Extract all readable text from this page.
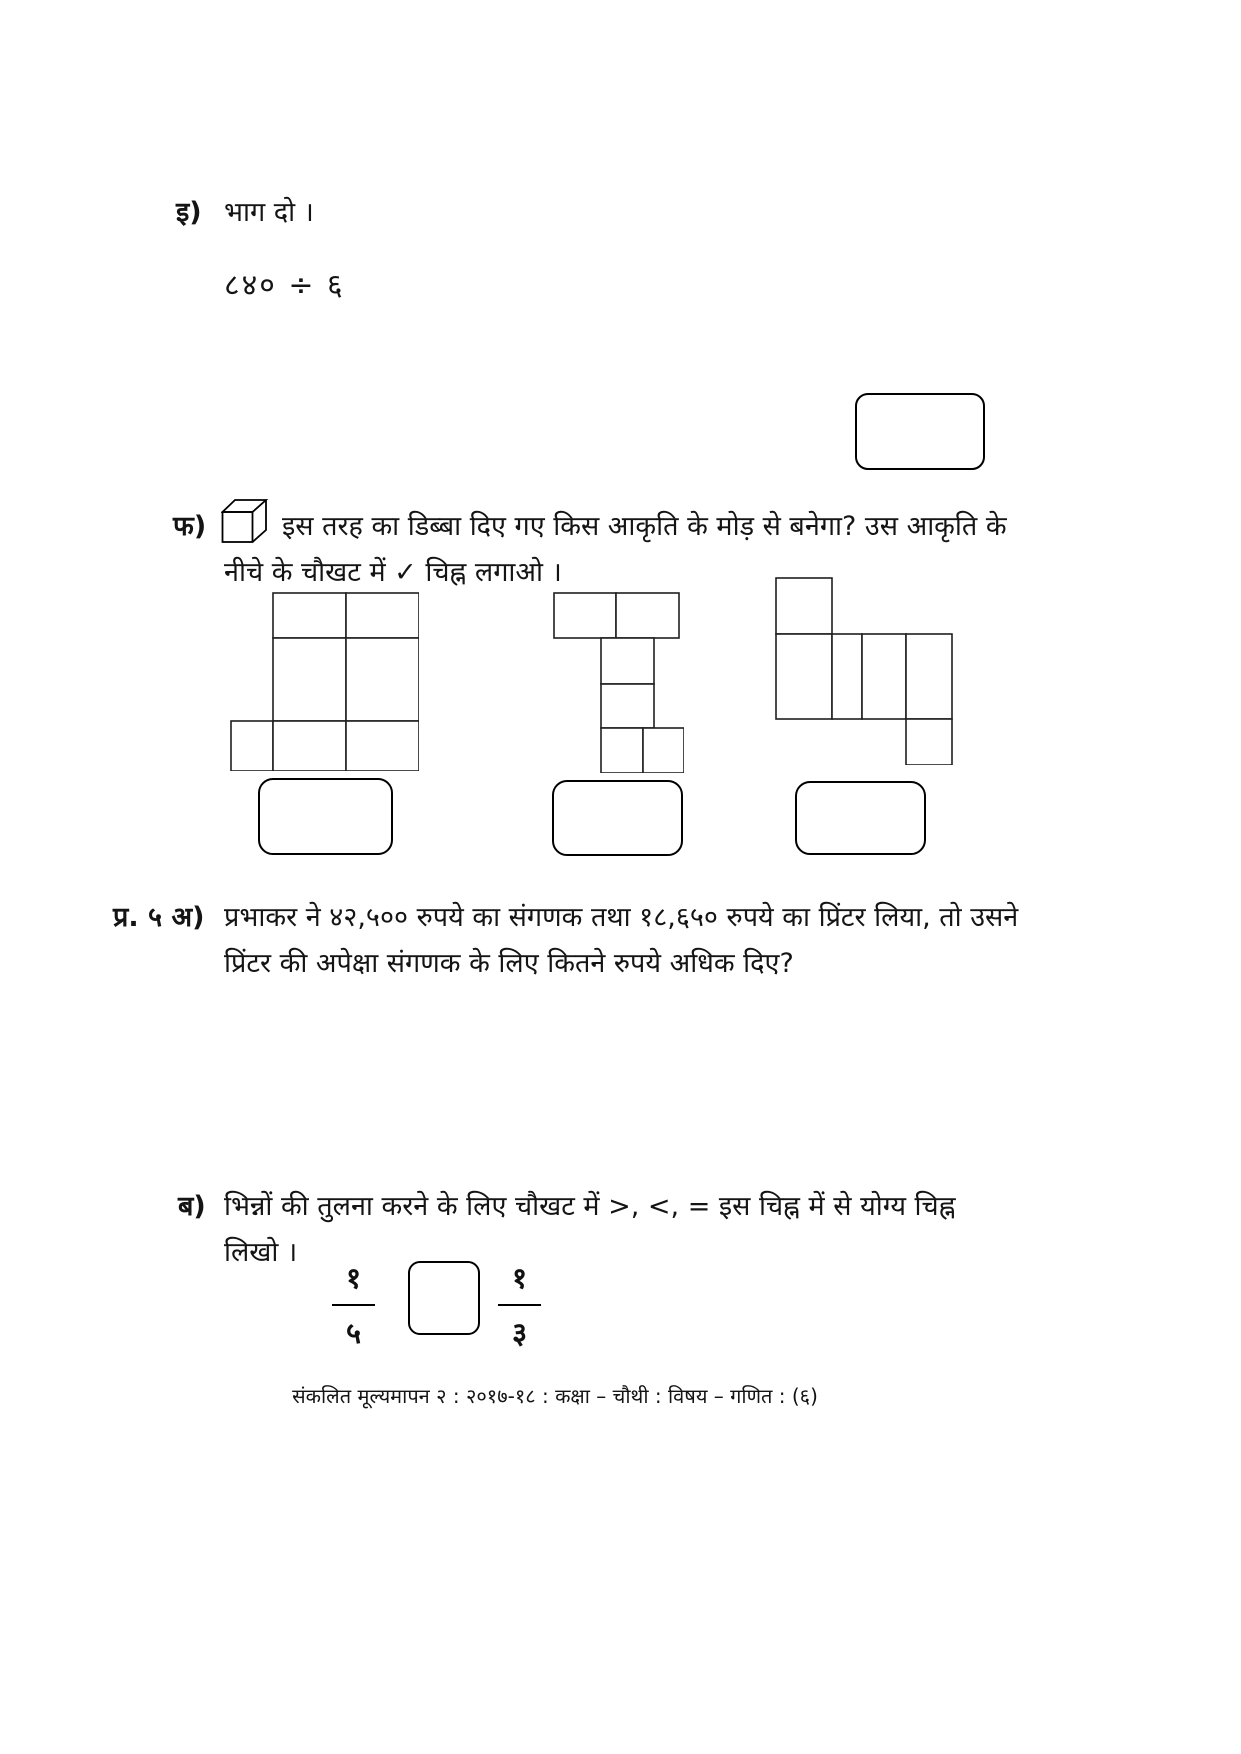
इ) भाग दो ।
८४० ÷ ६
फ)	इस तरह का डिब्बा दिए गए किस आकृति के मोड़ से बनेगा? उस आकृति के
नीचे के चौखट में ✓ चिह्न लगाओ ।
प्र. ५ अ) प्रभाकर ने ४२,५०० रुपये का संगणक तथा १८,६५० रुपये का प्रिंटर लिया, तो उसने
प्रिंटर की अपेक्षा संगणक के लिए कितने रुपये अधिक दिए?
ब) भिन्नों की तुलना करने के लिए चौखट में >, <, = इस चिह्न में से योग्य चिह्न
लिखो ।
१
५
१
३
संकलित मूल्यमापन २ : २०१७-१८ : कक्षा – चौथी : विषय – गणित : (६)
